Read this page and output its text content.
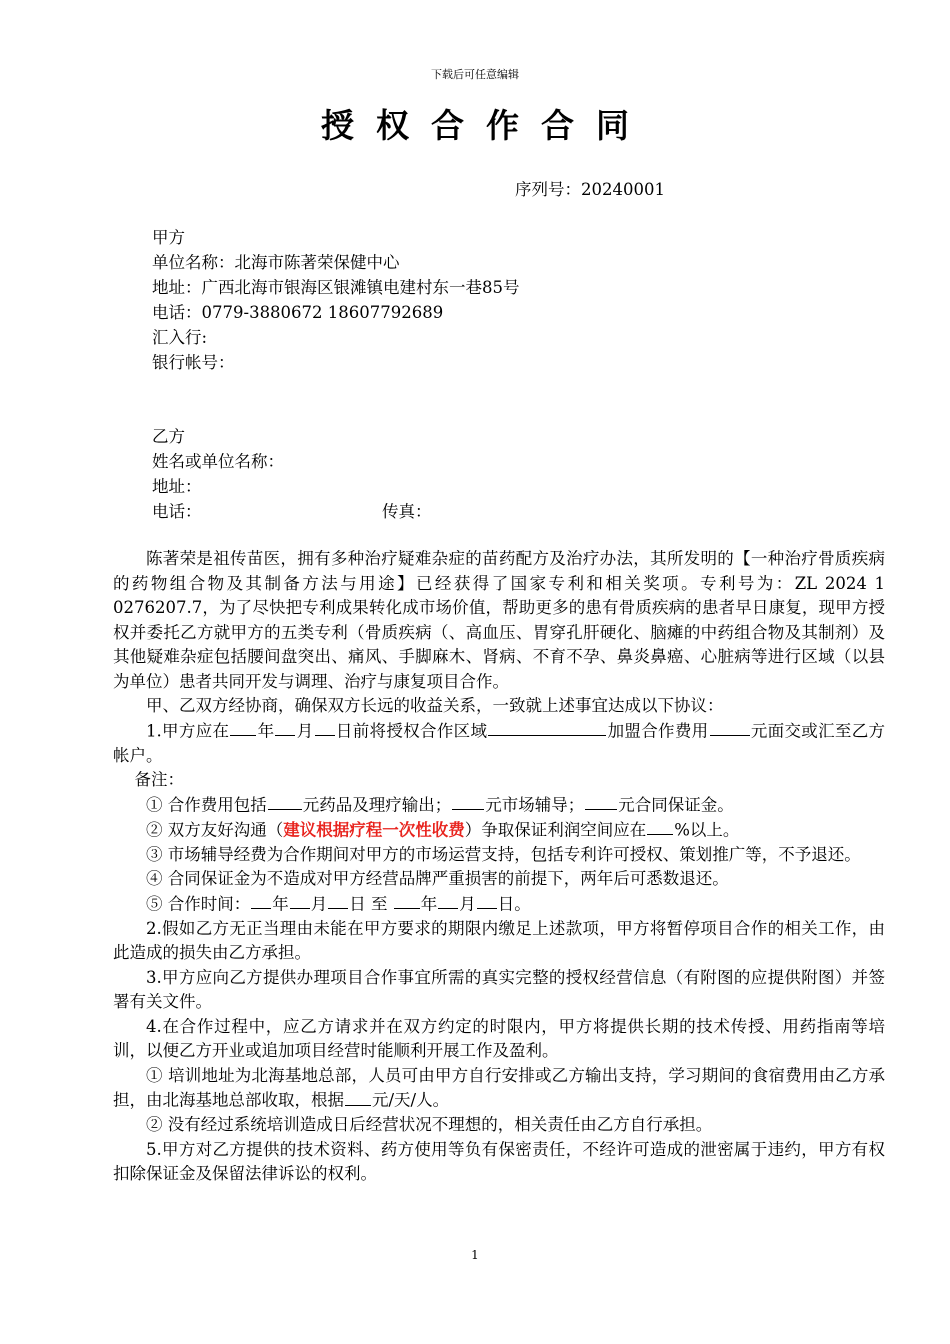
下载后可任意编辑
授权合作合同
序列号：20240001
甲方
单位名称：北海市陈著荣保健中心
地址：广西北海市银海区银滩镇电建村东一巷85号
电话：0779-3880672 18607792689
汇入行:
银行帐号：
乙方
姓名或单位名称：
地址：
电话：	传真：

陈著荣是祖传苗医，拥有多种治疗疑难杂症的苗药配方及治疗办法，其所发明的【一种治疗骨质疾病的药物组合物及其制备方法与用途】已经获得了国家专利和相关奖项。专利号为：ZL 2024 1 0276207.7，为了尽快把专利成果转化成市场价值，帮助更多的患有骨质疾病的患者早日康复，现甲方授权并委托乙方就甲方的五类专利（骨质疾病（、高血压、胃穿孔肝硬化、脑瘫的中药组合物及其制剂）及其他疑难杂症包括腰间盘突出、痛风、手脚麻木、肾病、不育不孕、鼻炎鼻癌、心脏病等进行区域（以县为单位）患者共同开发与调理、治疗与康复项目合作。

甲、乙双方经协商，确保双方长远的收益关系，一致就上述事宜达成以下协议：

1.甲方应在 年 月 日前将授权合作区域	加盟合作费用	元面交或汇至乙方帐户。

备注：

① 合作费用包括 元药品及理疗输出； 元市场辅导； 元合同保证金。

② 双方友好沟通（建议根据疗程一次性收费）争取保证利润空间应在 %以上。

③ 市场辅导经费为合作期间对甲方的市场运营支持，包括专利许可授权、策划推广等，不予退还。

④ 合同保证金为不造成对甲方经营品牌严重损害的前提下，两年后可悉数退还。

⑤ 合作时间： 年 月 日 至 年 月 日。

2.假如乙方无正当理由未能在甲方要求的期限内缴足上述款项，甲方将暂停项目合作的相关工作，由此造成的损失由乙方承担。

3.甲方应向乙方提供办理项目合作事宜所需的真实完整的授权经营信息（有附图的应提供附图）并签署有关文件。

4.在合作过程中，应乙方请求并在双方约定的时限内，甲方将提供长期的技术传授、用药指南等培训，以便乙方开业或追加项目经营时能顺利开展工作及盈利。

① 培训地址为北海基地总部，人员可由甲方自行安排或乙方输出支持，学习期间的食宿费用由乙方承担，由北海基地总部收取，根据 元/天/人。

② 没有经过系统培训造成日后经营状况不理想的，相关责任由乙方自行承担。

5.甲方对乙方提供的技术资料、药方使用等负有保密责任，不经许可造成的泄密属于违约，甲方有权扣除保证金及保留法律诉讼的权利。

1
